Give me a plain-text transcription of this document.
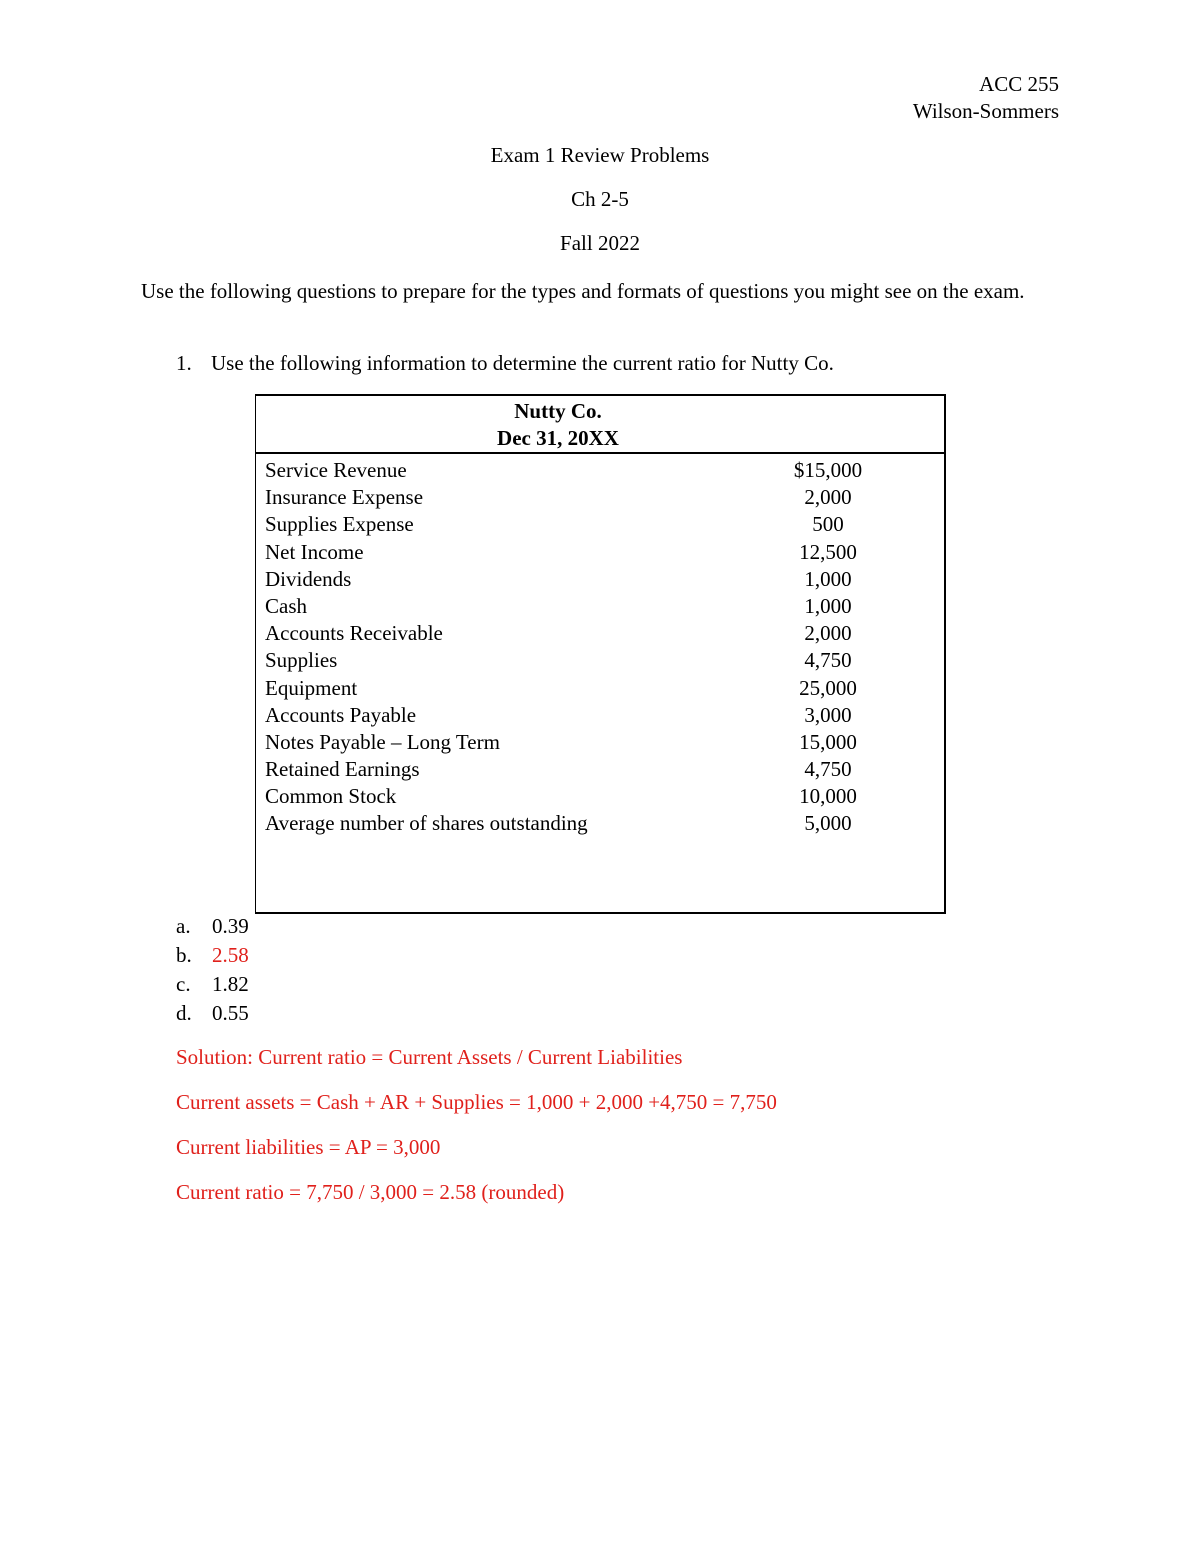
ACC 255
Wilson-Sommers
Exam 1 Review Problems
Ch 2-5
Fall 2022
Use the following questions to prepare for the types and formats of questions you might see on the exam.
1. Use the following information to determine the current ratio for Nutty Co.
Nutty Co.
Dec 31, 20XX
Service Revenue	$15,000
Insurance Expense	2,000
Supplies Expense	500
Net Income	12,500
Dividends	1,000
Cash	1,000
Accounts Receivable	2,000
Supplies	4,750
Equipment	25,000
Accounts Payable	3,000
Notes Payable – Long Term	15,000
Retained Earnings	4,750
Common Stock	10,000
Average number of shares outstanding	5,000
a. 0.39
b. 2.58
c. 1.82
d. 0.55
Solution: Current ratio = Current Assets / Current Liabilities
Current assets = Cash + AR + Supplies = 1,000 + 2,000 +4,750 = 7,750
Current liabilities = AP = 3,000
Current ratio = 7,750 / 3,000 = 2.58 (rounded)
